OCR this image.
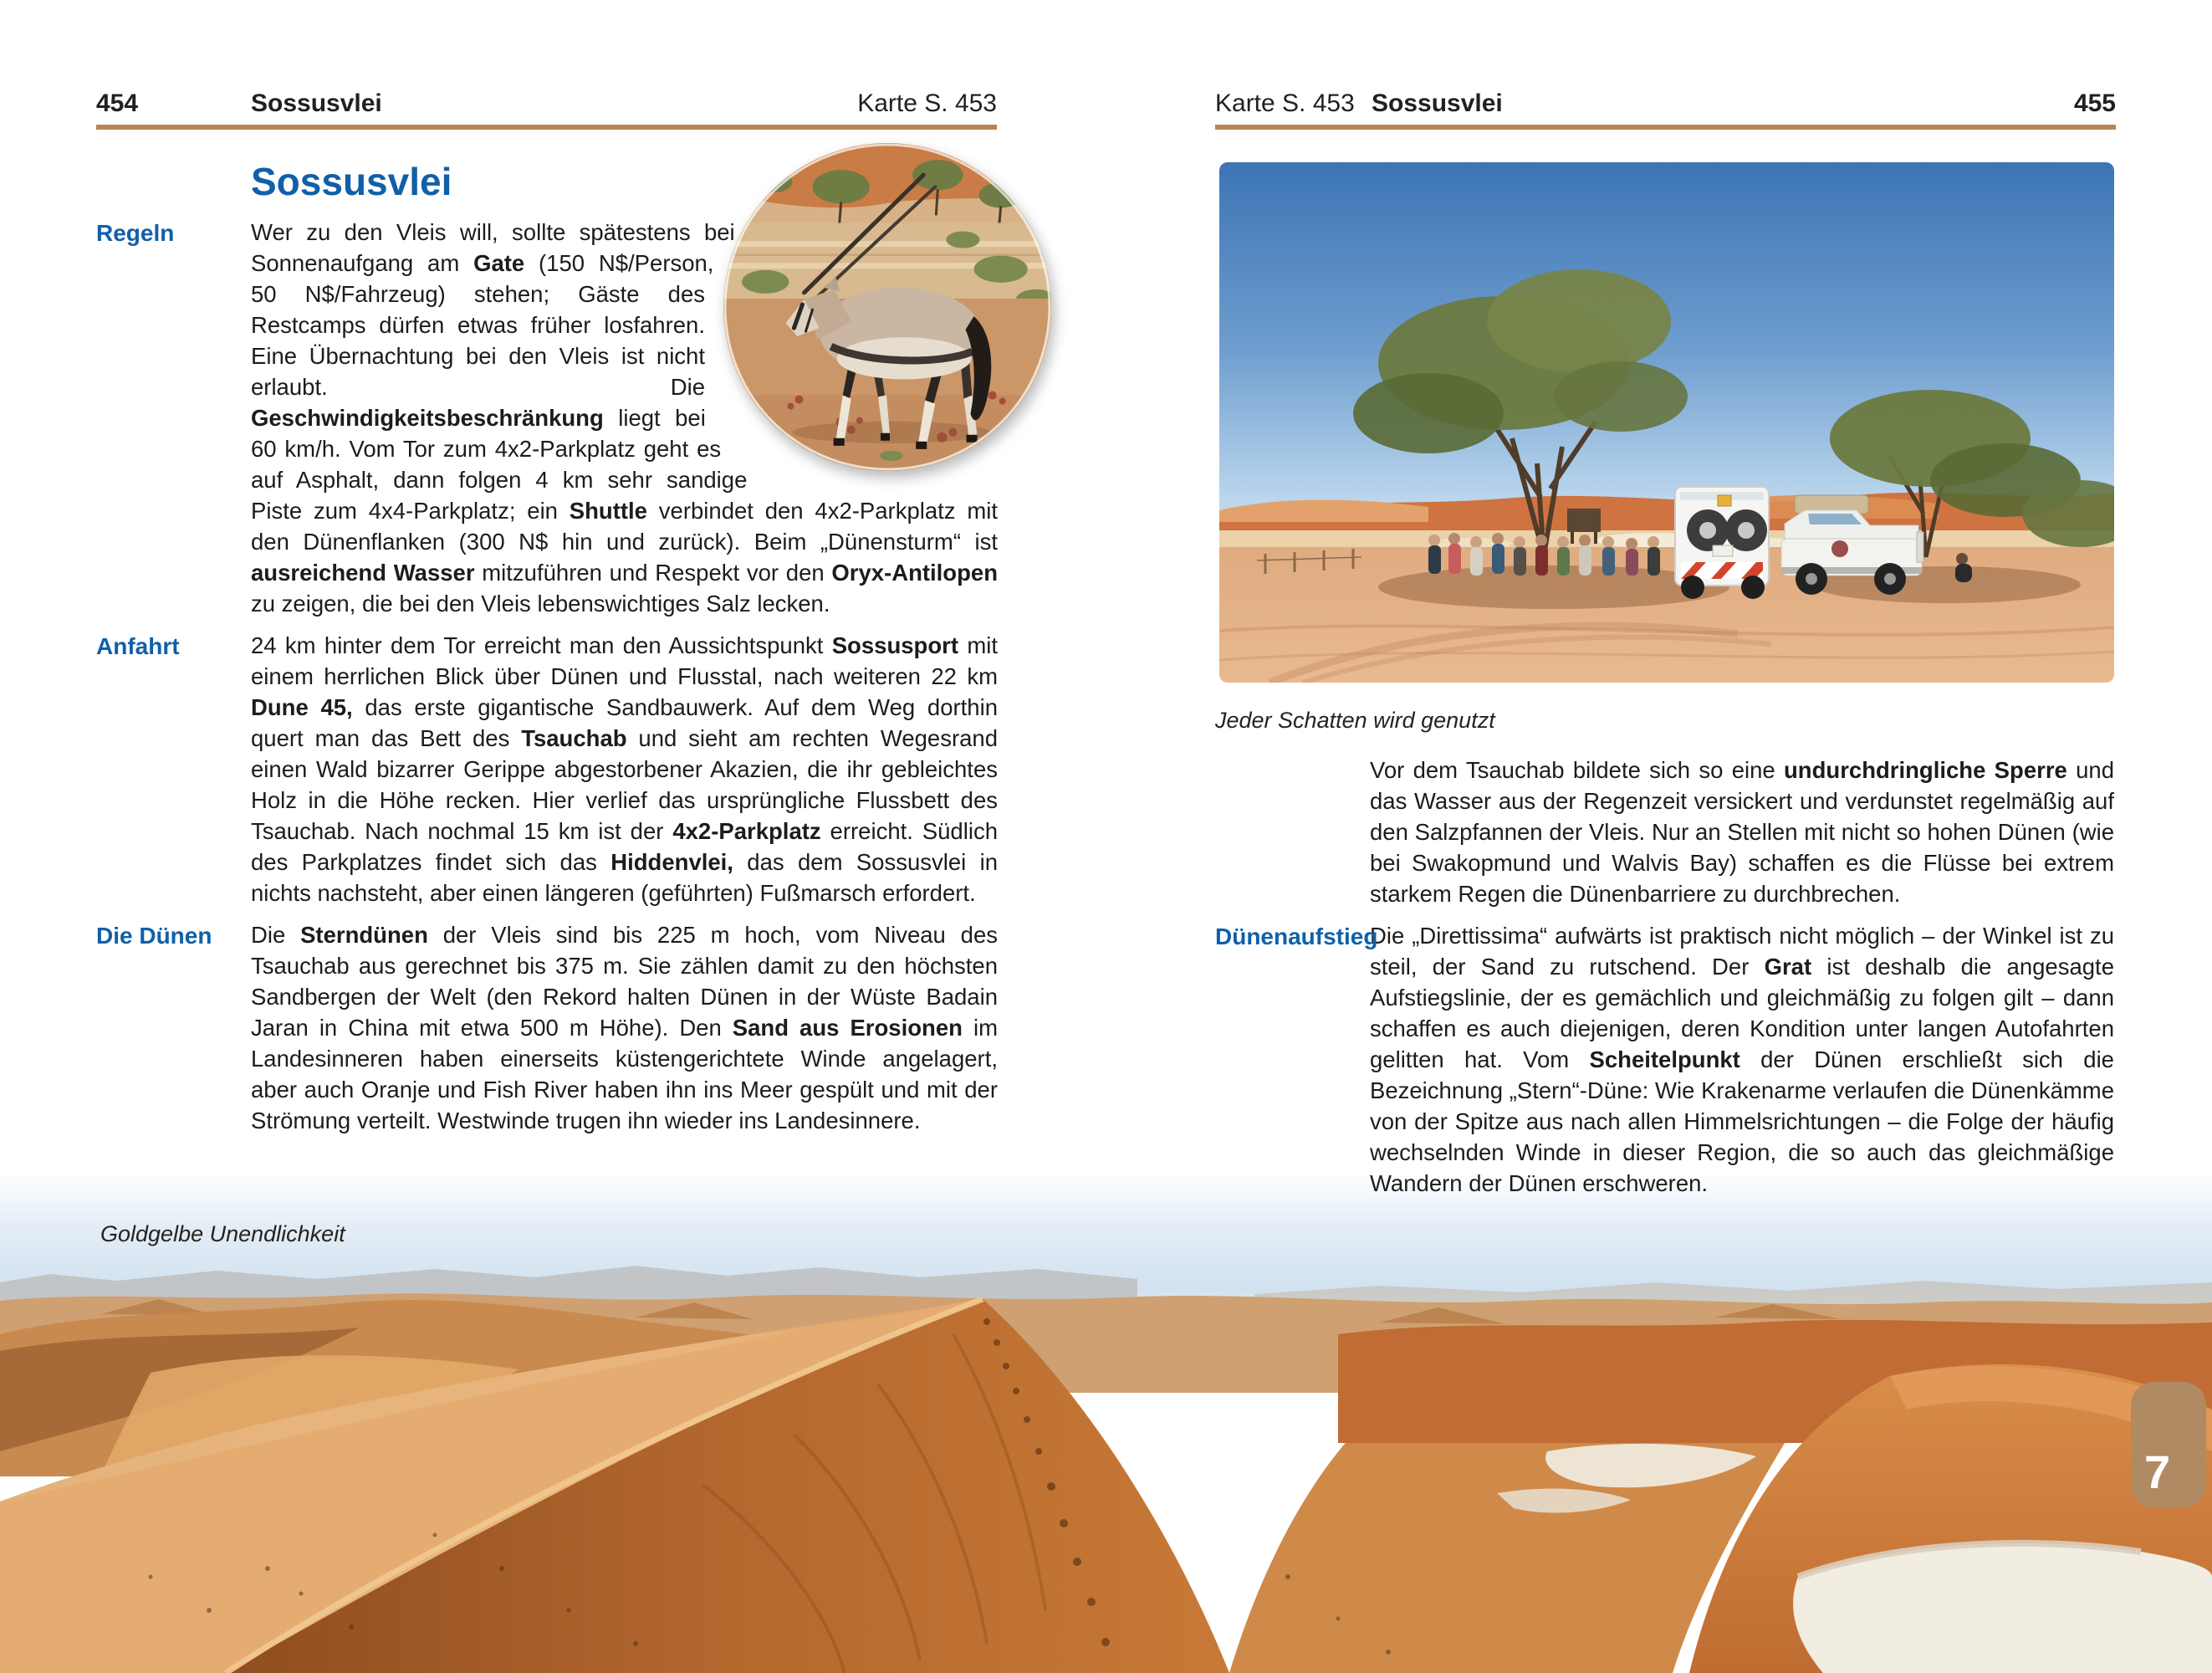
454	Sossusvlei	Karte S. 453	Karte S. 453 Sossusvlei	455
Sossusvlei
Regeln	Wer zu den Vleis will, sollte spätestens bei Sonnenaufgang am Gate (150 N$/Person, 50 N$/Fahrzeug) stehen; Gäste des Restcamps dürfen etwas früher losfahren. Eine Übernachtung bei den Vleis ist nicht erlaubt. Die Geschwindigkeitsbeschränkung liegt bei 60 km/h. Vom Tor zum 4x2-Parkplatz geht es auf Asphalt, dann folgen 4 km sehr sandige Piste zum 4x4-Parkplatz; ein Shuttle verbindet den 4x2-Parkplatz mit den Dünenflanken (300 N$ hin und zurück). Beim „Dünensturm“ ist ausreichend Wasser mitzuführen und Respekt vor den Oryx-Antilopen zu zeigen, die bei den Vleis lebenswichtiges Salz lecken.

Anfahrt	24 km hinter dem Tor erreicht man den Aussichtspunkt Sossusport mit einem herrlichen Blick über Dünen und Flusstal, nach weiteren 22 km Dune 45, das erste gigantische Sandbauwerk. Auf dem Weg dorthin quert man das Bett des Tsauchab und sieht am rechten Wegesrand einen Wald bizarrer Gerippe abgestorbener Akazien, die ihr gebleichtes Holz in die Höhe recken. Hier verlief das ursprüngliche Flussbett des Tsauchab. Nach nochmal 15 km ist der 4x2-Parkplatz erreicht. Südlich des Parkplatzes findet sich das Hiddenvlei, das dem Sossusvlei in nichts nachsteht, aber einen längeren (geführten) Fußmarsch erfordert.

Die Dünen	Die Sterndünen der Vleis sind bis 225 m hoch, vom Niveau des Tsauchab aus gerechnet bis 375 m. Sie zählen damit zu den höchsten Sandbergen der Welt (den Rekord halten Dünen in der Wüste Badain Jaran in China mit etwa 500 m Höhe). Den Sand aus Erosionen im Landesinneren haben einerseits küstengerichtete Winde angelagert, aber auch Oranje und Fish River haben ihn ins Meer gespült und mit der Strömung verteilt. Westwinde trugen ihn wieder ins Landesinnere.

Jeder Schatten wird genutzt
Goldgelbe Unendlichkeit

Vor dem Tsauchab bildete sich so eine undurchdringliche Sperre und das Wasser aus der Regenzeit versickert und verdunstet regelmäßig auf den Salzpfannen der Vleis. Nur an Stellen mit nicht so hohen Dünen (wie bei Swakopmund und Walvis Bay) schaffen es die Flüsse bei extrem starkem Regen die Dünenbarriere zu durchbrechen.

Dünenaufstieg

Die „Direttissima“ aufwärts ist praktisch nicht möglich – der Winkel ist zu steil, der Sand zu rutschend. Der Grat ist deshalb die angesagte Aufstiegslinie, der es gemächlich und gleichmäßig zu folgen gilt – dann schaffen es auch diejenigen, deren Kondition unter langen Autofahrten gelitten hat. Vom Scheitelpunkt der Dünen erschließt sich die Bezeichnung „Stern“-Düne: Wie Krakenarme verlaufen die Dünenkämme von der Spitze aus nach allen Himmelsrichtungen – die Folge der häufig wechselnden Winde in dieser Region, die so auch das gleichmäßige Wandern der Dünen erschweren.

7
